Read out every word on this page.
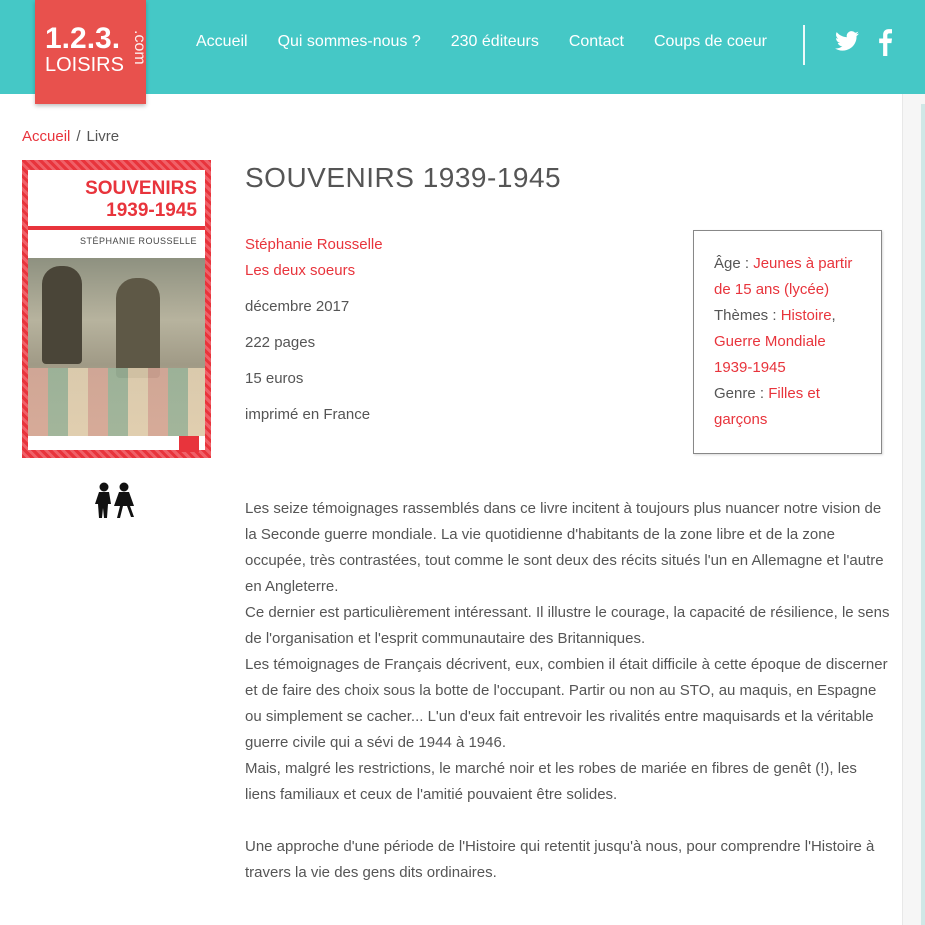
1.2.3.
LOISIRS
.com	Accueil Qui sommes-nous ? 230 éditeurs Contact Coups de coeur
Accueil / Livre
SOUVENIRS
1939-1945
STÉPHANIE ROUSSELLE
SOUVENIRS 1939-1945
Stéphanie Rousselle
Les deux soeurs
décembre 2017
222 pages
15 euros
imprimé en France
Âge : Jeunes à partir de 15 ans (lycée)
Thèmes : Histoire, Guerre Mondiale 1939-1945
Genre : Filles et garçons

Les seize témoignages rassemblés dans ce livre incitent à toujours plus nuancer notre vision de la Seconde guerre mondiale. La vie quotidienne d'habitants de la zone libre et de la zone occupée, très contrastées, tout comme le sont deux des récits situés l'un en Allemagne et l'autre en Angleterre.

Ce dernier est particulièrement intéressant. Il illustre le courage, la capacité de résilience, le sens de l'organisation et l'esprit communautaire des Britanniques.

Les témoignages de Français décrivent, eux, combien il était difficile à cette époque de discerner et de faire des choix sous la botte de l'occupant. Partir ou non au STO, au maquis, en Espagne ou simplement se cacher... L'un d'eux fait entrevoir les rivalités entre maquisards et la véritable guerre civile qui a sévi de 1944 à 1946.

Mais, malgré les restrictions, le marché noir et les robes de mariée en fibres de genêt (!), les liens familiaux et ceux de l'amitié pouvaient être solides.

Une approche d'une période de l'Histoire qui retentit jusqu'à nous, pour comprendre l'Histoire à travers la vie des gens dits ordinaires.
